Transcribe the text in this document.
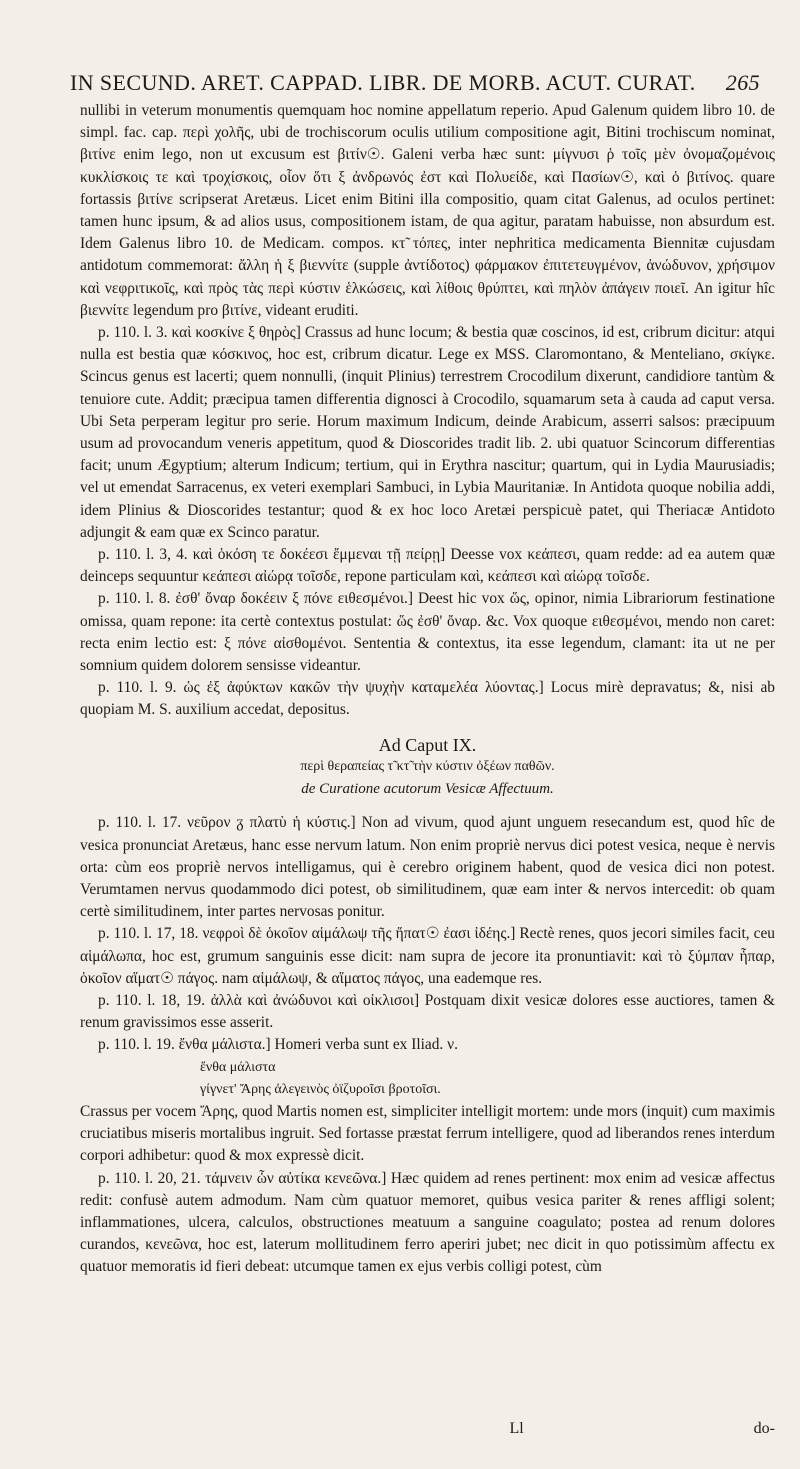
IN SECUND. ARET. CAPPAD. LIBR. DE MORB. ACUT. CURAT. 265

nullibi in veterum monumentis quemquam hoc nomine appellatum reperio. Apud Galenum quidem libro 10. de simpl. fac. cap. περὶ χολῆς, ubi de trochiscorum oculis utilium compositione agit, Bitini trochiscum nominat, βιτίνε enim lego, non ut excusum est βιτίν☉. Galeni verba hæc sunt: μίγνυσι ῥ τοῖς μὲν ὀνομαζομένοις κυκλίσκοις τε καὶ τροχίσκοις, οἷον ὅτι ξ ἀνδρωνός ἐστ καὶ Πολυείδε, καὶ Πασίων☉, καὶ ὁ βιτίνος. quare fortassis βιτίνε scripserat Aretæus. Licet enim Bitini illa compositio, quam citat Galenus, ad oculos pertinet: tamen hunc ipsum, & ad alios usus, compositionem istam, de qua agitur, paratam habuisse, non absurdum est. Idem Galenus libro 10. de Medicam. compos. κτ̃ τόπες, inter nephritica medicamenta Biennitæ cujusdam antidotum commemorat: ἄλλη ἡ ξ βιεννίτε (supple ἀντίδοτος) φάρμακον ἐπιτετευγμένον, ἀνώδυνον, χρήσιμον καὶ νεφριτικοῖς, καὶ πρὸς τὰς περὶ κύστιν ἑλκώσεις, καὶ λίθοις θρύπτει, καὶ πηλὸν ἀπάγειν ποιεῖ. An igitur hîc βιεννίτε legendum pro βιτίνε, videant eruditi.

p. 110. l. 3. καὶ κοσκίνε ξ θηρὸς] Crassus ad hunc locum; & bestia quæ coscinos, id est, cribrum dicitur: atqui nulla est bestia quæ κόσκινος, hoc est, cribrum dicatur. Lege ex MSS. Claromontano, & Menteliano, σκίγκε. Scincus genus est lacerti; quem nonnulli, (inquit Plinius) terrestrem Crocodilum dixerunt, candidiore tantùm & tenuiore cute. Addit; præcipua tamen differentia dignosci à Crocodilo, squamarum seta à cauda ad caput versa. Ubi Seta perperam legitur pro serie. Horum maximum Indicum, deinde Arabicum, asserri salsos: præcipuum usum ad provocandum veneris appetitum, quod & Dioscorides tradit lib. 2. ubi quatuor Scincorum differentias facit; unum Ægyptium; alterum Indicum; tertium, qui in Erythra nascitur; quartum, qui in Lydia Maurusiadis; vel ut emendat Sarracenus, ex veteri exemplari Sambuci, in Lybia Mauritaniæ. In Antidota quoque nobilia addi, idem Plinius & Dioscorides testantur; quod & ex hoc loco Aretæi perspicuè patet, qui Theriacæ Antidoto adjungit & eam quæ ex Scinco paratur.

p. 110. l. 3, 4. καὶ ὁκόση τε δοκέεσι ἔμμεναι τῇ πείρῃ] Deesse vox κεάπεσι, quam redde: ad ea autem quæ deinceps sequuntur κεάπεσι αἰώρᾳ τοῖσδε, repone particulam καὶ, κεάπεσι καὶ αἰώρᾳ τοῖσδε.

p. 110. l. 8. ἐσθ' ὄναρ δοκέειν ξ πόνε ειθεσμένοι.] Deest hic vox ὥς, opinor, nimia Librariorum festinatione omissa, quam repone: ita certè contextus postulat: ὥς ἐσθ' ὄναρ. &c. Vox quoque ειθεσμένοι, mendo non caret: recta enim lectio est: ξ πόνε αἰσθομένοι. Sententia & contextus, ita esse legendum, clamant: ita ut ne per somnium quidem dolorem sensisse videantur.

p. 110. l. 9. ὡς ἐξ ἀφύκτων κακῶν τὴν ψυχὴν καταμελέα λύοντας.] Locus mirè depravatus; &, nisi ab quopiam M. S. auxilium accedat, depositus.

Ad Caput IX.

περὶ θεραπείας τ̃ κτ̃ τὴν κύστιν ὀξέων παθῶν.

de Curatione acutorum Vesicæ Affectuum.

p. 110. l. 17. νεῦρον ᵹ πλατὺ ἡ κύστις.] Non ad vivum, quod ajunt unguem resecandum est, quod hîc de vesica pronunciat Aretæus, hanc esse nervum latum. Non enim propriè nervus dici potest vesica, neque è nervis orta: cùm eos propriè nervos intelligamus, qui è cerebro originem habent, quod de vesica dici non potest. Verumtamen nervus quodammodo dici potest, ob similitudinem, quæ eam inter & nervos intercedit: ob quam certè similitudinem, inter partes nervosas ponitur.

p. 110. l. 17, 18. νεφροὶ δὲ ὁκοῖον αἱμάλωψ τῆς ἥπατ☉ ἐασι ἰδέης.] Rectè renes, quos jecori similes facit, ceu αἱμάλωπα, hoc est, grumum sanguinis esse dicit: nam supra de jecore ita pronuntiavit: καὶ τὸ ξύμπαν ἧπαρ, ὁκοῖον αἵματ☉ πάγος. nam αἱμάλωψ, & αἵματος πάγος, una eademque res.

p. 110. l. 18, 19. ἀλλὰ καὶ ἀνώδυνοι καὶ οἰκλισοι] Postquam dixit vesicæ dolores esse auctiores, tamen & renum gravissimos esse asserit.

p. 110. l. 19. ἔνθα μάλιστα.] Homeri verba sunt ex Iliad. ν.

ἔνθα μάλιστα

γίγνετ' Ἄρης ἀλεγεινὸς ὀϊζυροῖσι βροτοῖσι.

Crassus per vocem Ἄρης, quod Martis nomen est, simpliciter intelligit mortem: unde mors (inquit) cum maximis cruciatibus miseris mortalibus ingruit. Sed fortasse præstat ferrum intelligere, quod ad liberandos renes interdum corpori adhibetur: quod & mox expressè dicit.

p. 110. l. 20, 21. τάμνειν ὧν αὐτίκα κενεῶνα.] Hæc quidem ad renes pertinent: mox enim ad vesicæ affectus redit: confusè autem admodum. Nam cùm quatuor memoret, quibus vesica pariter & renes affligi solent; inflammationes, ulcera, calculos, obstructiones meatuum a sanguine coagulato; postea ad renum dolores curandos, κενεῶνα, hoc est, laterum mollitudinem ferro aperiri jubet; nec dicit in quo potissimùm affectu ex quatuor memoratis id fieri debeat: utcumque tamen ex ejus verbis colligi potest, cùm

Ll	do-
